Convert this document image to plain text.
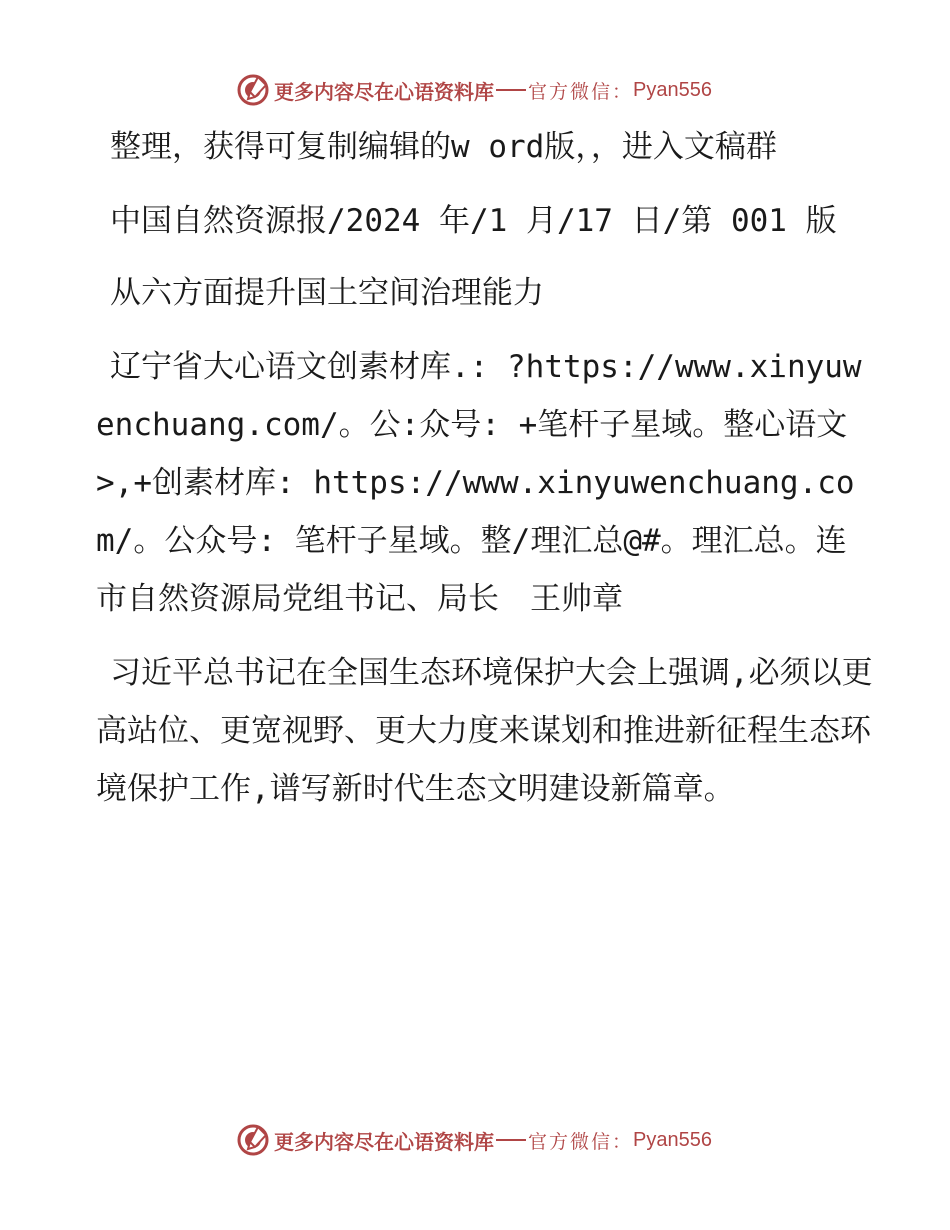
更多内容尽在心语资料库 官方微信： Pyan556

整理，获得可复制编辑的w ord版，，进入文稿群

中国自然资源报/2024 年/1 月/17 日/第 001 版

从六方面提升国土空间治理能力

辽宁省大心语文创素材库.: ?https://www.xinyuwenchuang.com/。公:众号: +笔杆子星域。整心语文>,+创素材库: https://www.xinyuwenchuang.com/。公众号: 笔杆子星域。整/理汇总@#。理汇总。连市自然资源局党组书记、局长　王帅章

习近平总书记在全国生态环境保护大会上强调,必须以更高站位、更宽视野、更大力度来谋划和推进新征程生态环境保护工作,谱写新时代生态文明建设新篇章。

更多内容尽在心语资料库 官方微信： Pyan556
